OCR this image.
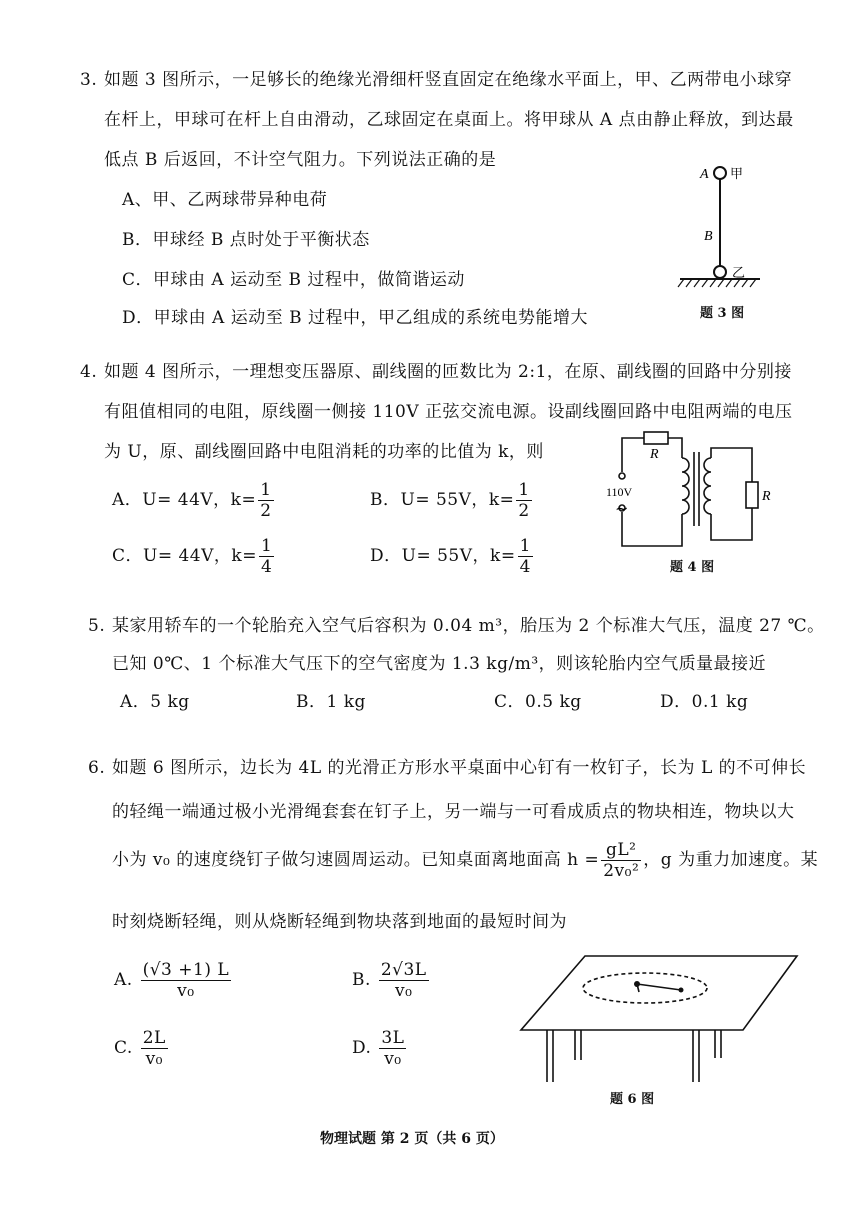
3. 如题 3 图所示，一足够长的绝缘光滑细杆竖直固定在绝缘水平面上，甲、乙两带电小球穿
在杆上，甲球可在杆上自由滑动，乙球固定在桌面上。将甲球从 A 点由静止释放，到达最
低点 B 后返回，不计空气阻力。下列说法正确的是
A、甲、乙两球带异种电荷
B．甲球经 B 点时处于平衡状态
C．甲球由 A 运动至 B 过程中，做简谐运动
D．甲球由 A 运动至 B 过程中，甲乙组成的系统电势能增大
A 甲
B
乙
题 3 图
4. 如题 4 图所示，一理想变压器原、副线圈的匝数比为 2:1，在原、副线圈的回路中分别接
有阻值相同的电阻，原线圈一侧接 110V 正弦交流电源。设副线圈回路中电阻两端的电压
为 U，原、副线圈回路中电阻消耗的功率的比值为 k，则
A．U= 44V，$k= \frac{1}{2}$	B．U= 55V，$k= \frac{1}{2}$
C．U= 44V，$k= \frac{1}{4}$	D．U= 55V，$k= \frac{1}{4}$
R
R
110V
~
题 4 图
5. 某家用轿车的一个轮胎充入空气后容积为 0.04 m³，胎压为 2 个标准大气压，温度 27 ℃。
已知 0℃、1 个标准大气压下的空气密度为 1.3 kg/m³，则该轮胎内空气质量最接近
A．5 kg	B．1 kg	C．0.5 kg	D．0.1 kg
6. 如题 6 图所示，边长为 4L 的光滑正方形水平桌面中心钉有一枚钉子，长为 L 的不可伸长
的轻绳一端通过极小光滑绳套套在钉子上，另一端与一可看成质点的物块相连，物块以大
小为 v₀ 的速度绕钉子做匀速圆周运动。已知桌面离地面高 $h = \frac{\text{gL²}}{\text{2v₀²}}$ ，g 为重力加速度。某
时刻烧断轻绳，则从烧断轻绳到物块落到地面的最短时间为
A. $\frac{(√3 +1) L}{\text{v₀}}$	B. $\frac{2√3L}{\text{v₀}}$
C. $\frac{2L}{\text{v₀}}$	D. $\frac{3L}{\text{v₀}}$
题 6 图
物理试题 第 2 页（共 6 页）
